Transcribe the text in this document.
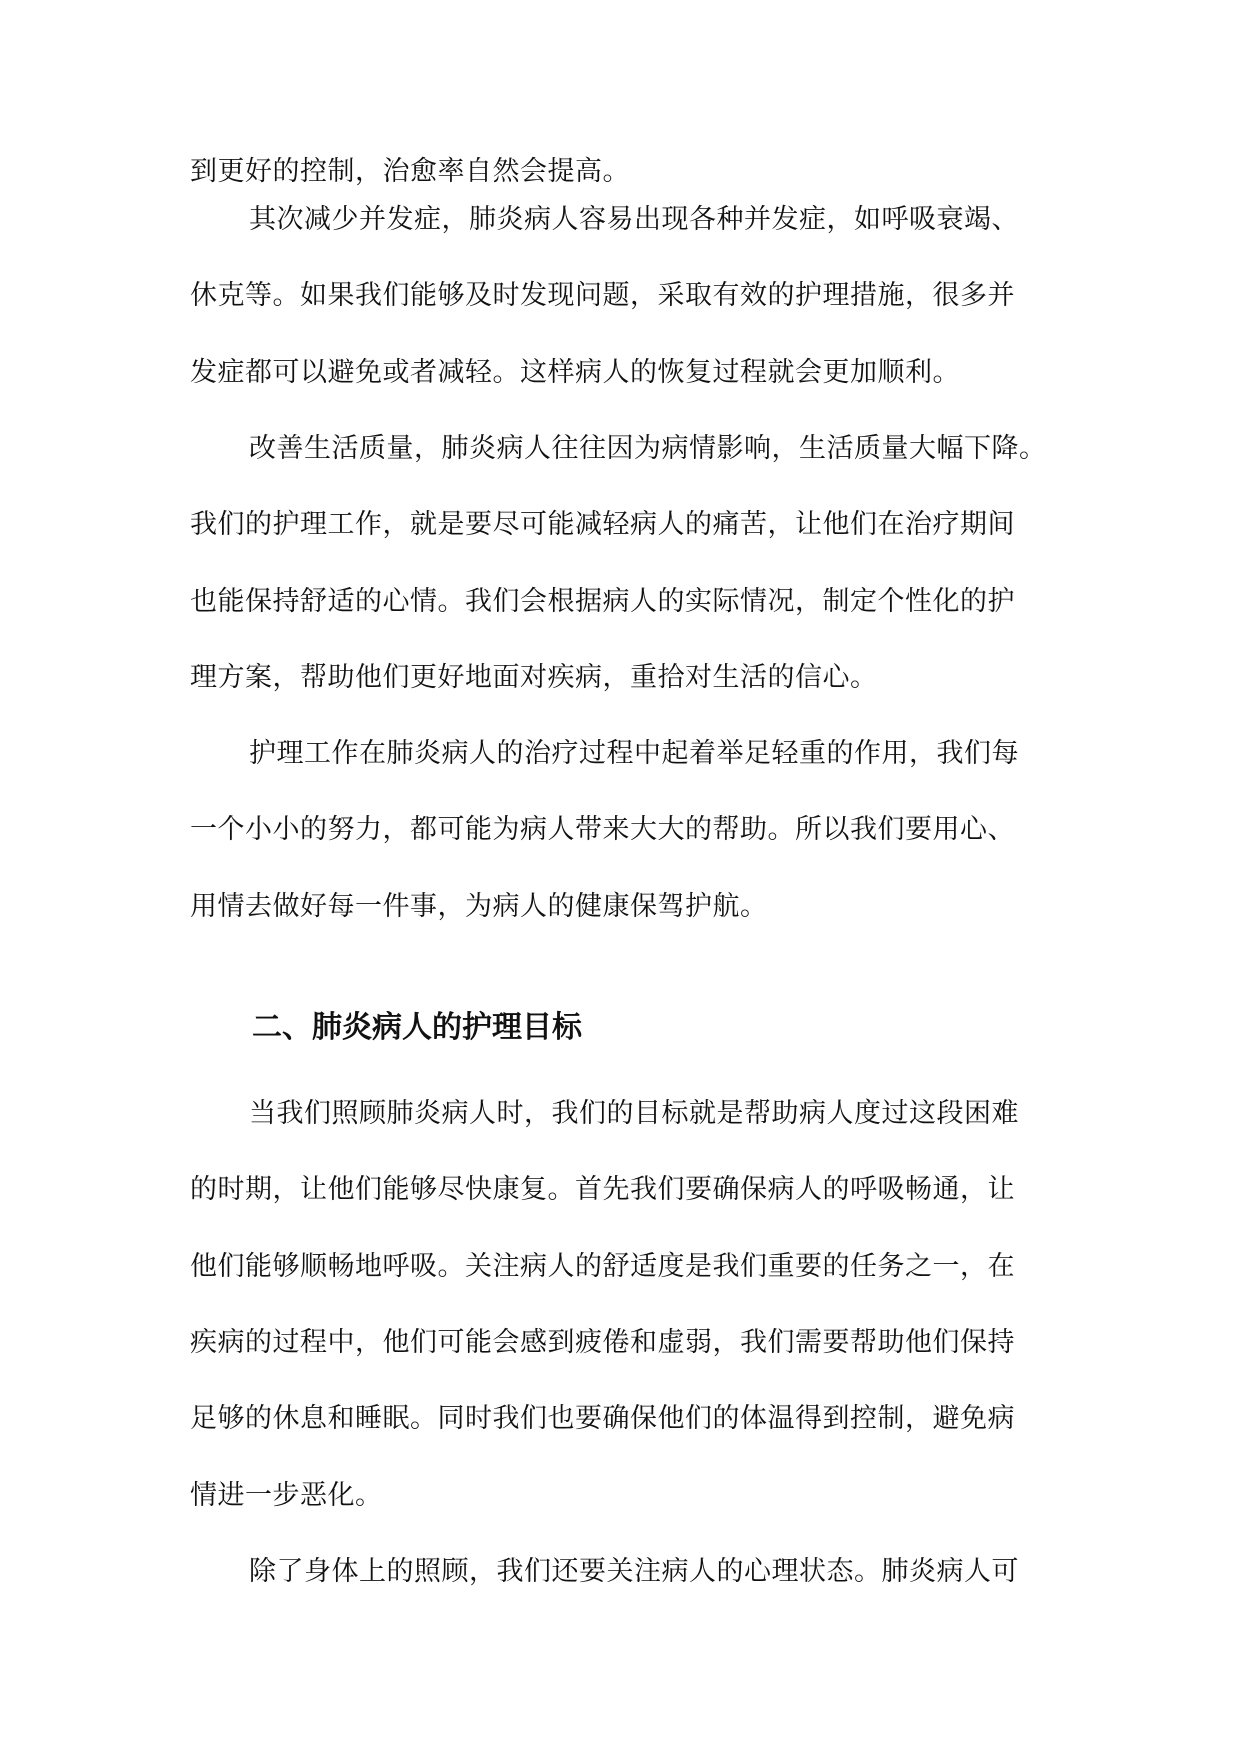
到更好的控制，治愈率自然会提高。
其次减少并发症，肺炎病人容易出现各种并发症，如呼吸衰竭、
休克等。如果我们能够及时发现问题，采取有效的护理措施，很多并
发症都可以避免或者减轻。这样病人的恢复过程就会更加顺利。
改善生活质量，肺炎病人往往因为病情影响，生活质量大幅下降。
我们的护理工作，就是要尽可能减轻病人的痛苦，让他们在治疗期间
也能保持舒适的心情。我们会根据病人的实际情况，制定个性化的护
理方案，帮助他们更好地面对疾病，重拾对生活的信心。
护理工作在肺炎病人的治疗过程中起着举足轻重的作用，我们每
一个小小的努力，都可能为病人带来大大的帮助。所以我们要用心、
用情去做好每一件事，为病人的健康保驾护航。
二、肺炎病人的护理目标
当我们照顾肺炎病人时，我们的目标就是帮助病人度过这段困难
的时期，让他们能够尽快康复。首先我们要确保病人的呼吸畅通，让
他们能够顺畅地呼吸。关注病人的舒适度是我们重要的任务之一，在
疾病的过程中，他们可能会感到疲倦和虚弱，我们需要帮助他们保持
足够的休息和睡眠。同时我们也要确保他们的体温得到控制，避免病
情进一步恶化。
除了身体上的照顾，我们还要关注病人的心理状态。肺炎病人可
